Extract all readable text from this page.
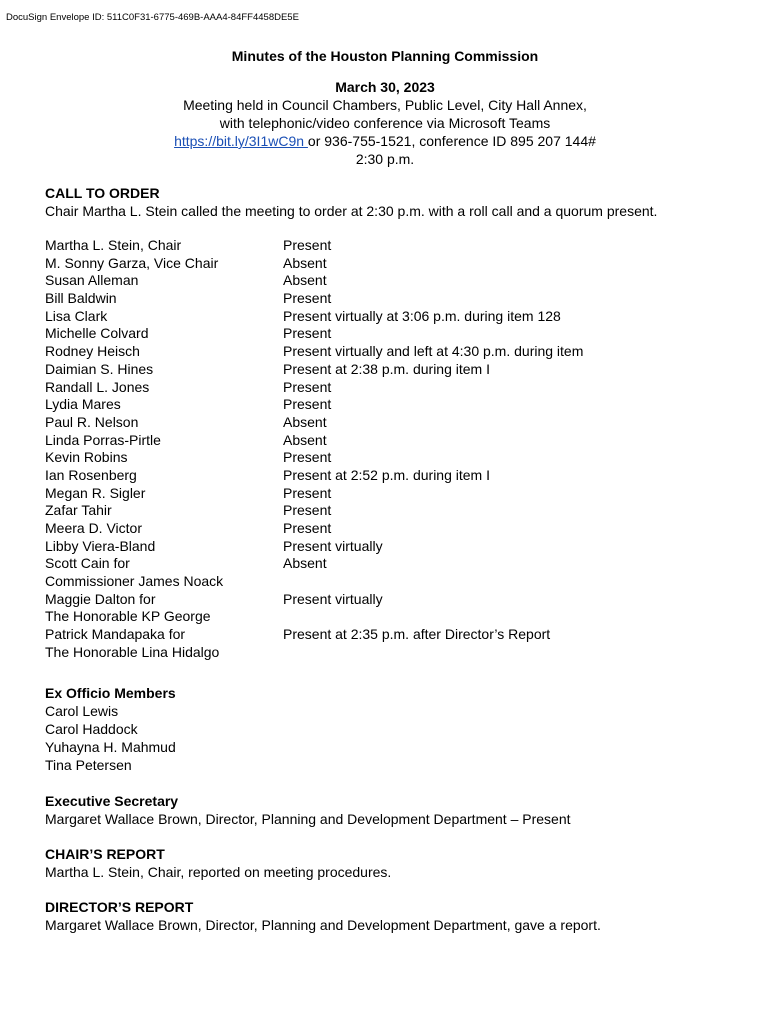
DocuSign Envelope ID: 511C0F31-6775-469B-AAA4-84FF4458DE5E
Minutes of the Houston Planning Commission
March 30, 2023
Meeting held in Council Chambers, Public Level, City Hall Annex,
with telephonic/video conference via Microsoft Teams
https://bit.ly/3I1wC9n or 936-755-1521, conference ID 895 207 144#
2:30 p.m.
CALL TO ORDER
Chair Martha L. Stein called the meeting to order at 2:30 p.m. with a roll call and a quorum present.
Martha L. Stein, Chair	Present
M. Sonny Garza, Vice Chair	Absent
Susan Alleman	Absent
Bill Baldwin	Present
Lisa Clark	Present virtually at 3:06 p.m. during item 128
Michelle Colvard	Present
Rodney Heisch	Present virtually and left at 4:30 p.m. during item
Daimian S. Hines	Present at 2:38 p.m. during item I
Randall L. Jones	Present
Lydia Mares	Present
Paul R. Nelson	Absent
Linda Porras-Pirtle	Absent
Kevin Robins	Present
Ian Rosenberg	Present at 2:52 p.m. during item I
Megan R. Sigler	Present
Zafar Tahir	Present
Meera D. Victor	Present
Libby Viera-Bland	Present virtually
Scott Cain for	Absent
Commissioner James Noack
Maggie Dalton for	Present virtually
The Honorable KP George
Patrick Mandapaka for	Present at 2:35 p.m. after Director’s Report
The Honorable Lina Hidalgo
Ex Officio Members
Carol Lewis
Carol Haddock
Yuhayna H. Mahmud
Tina Petersen
Executive Secretary
Margaret Wallace Brown, Director, Planning and Development Department – Present
CHAIR’S REPORT
Martha L. Stein, Chair, reported on meeting procedures.
DIRECTOR’S REPORT
Margaret Wallace Brown, Director, Planning and Development Department, gave a report.
